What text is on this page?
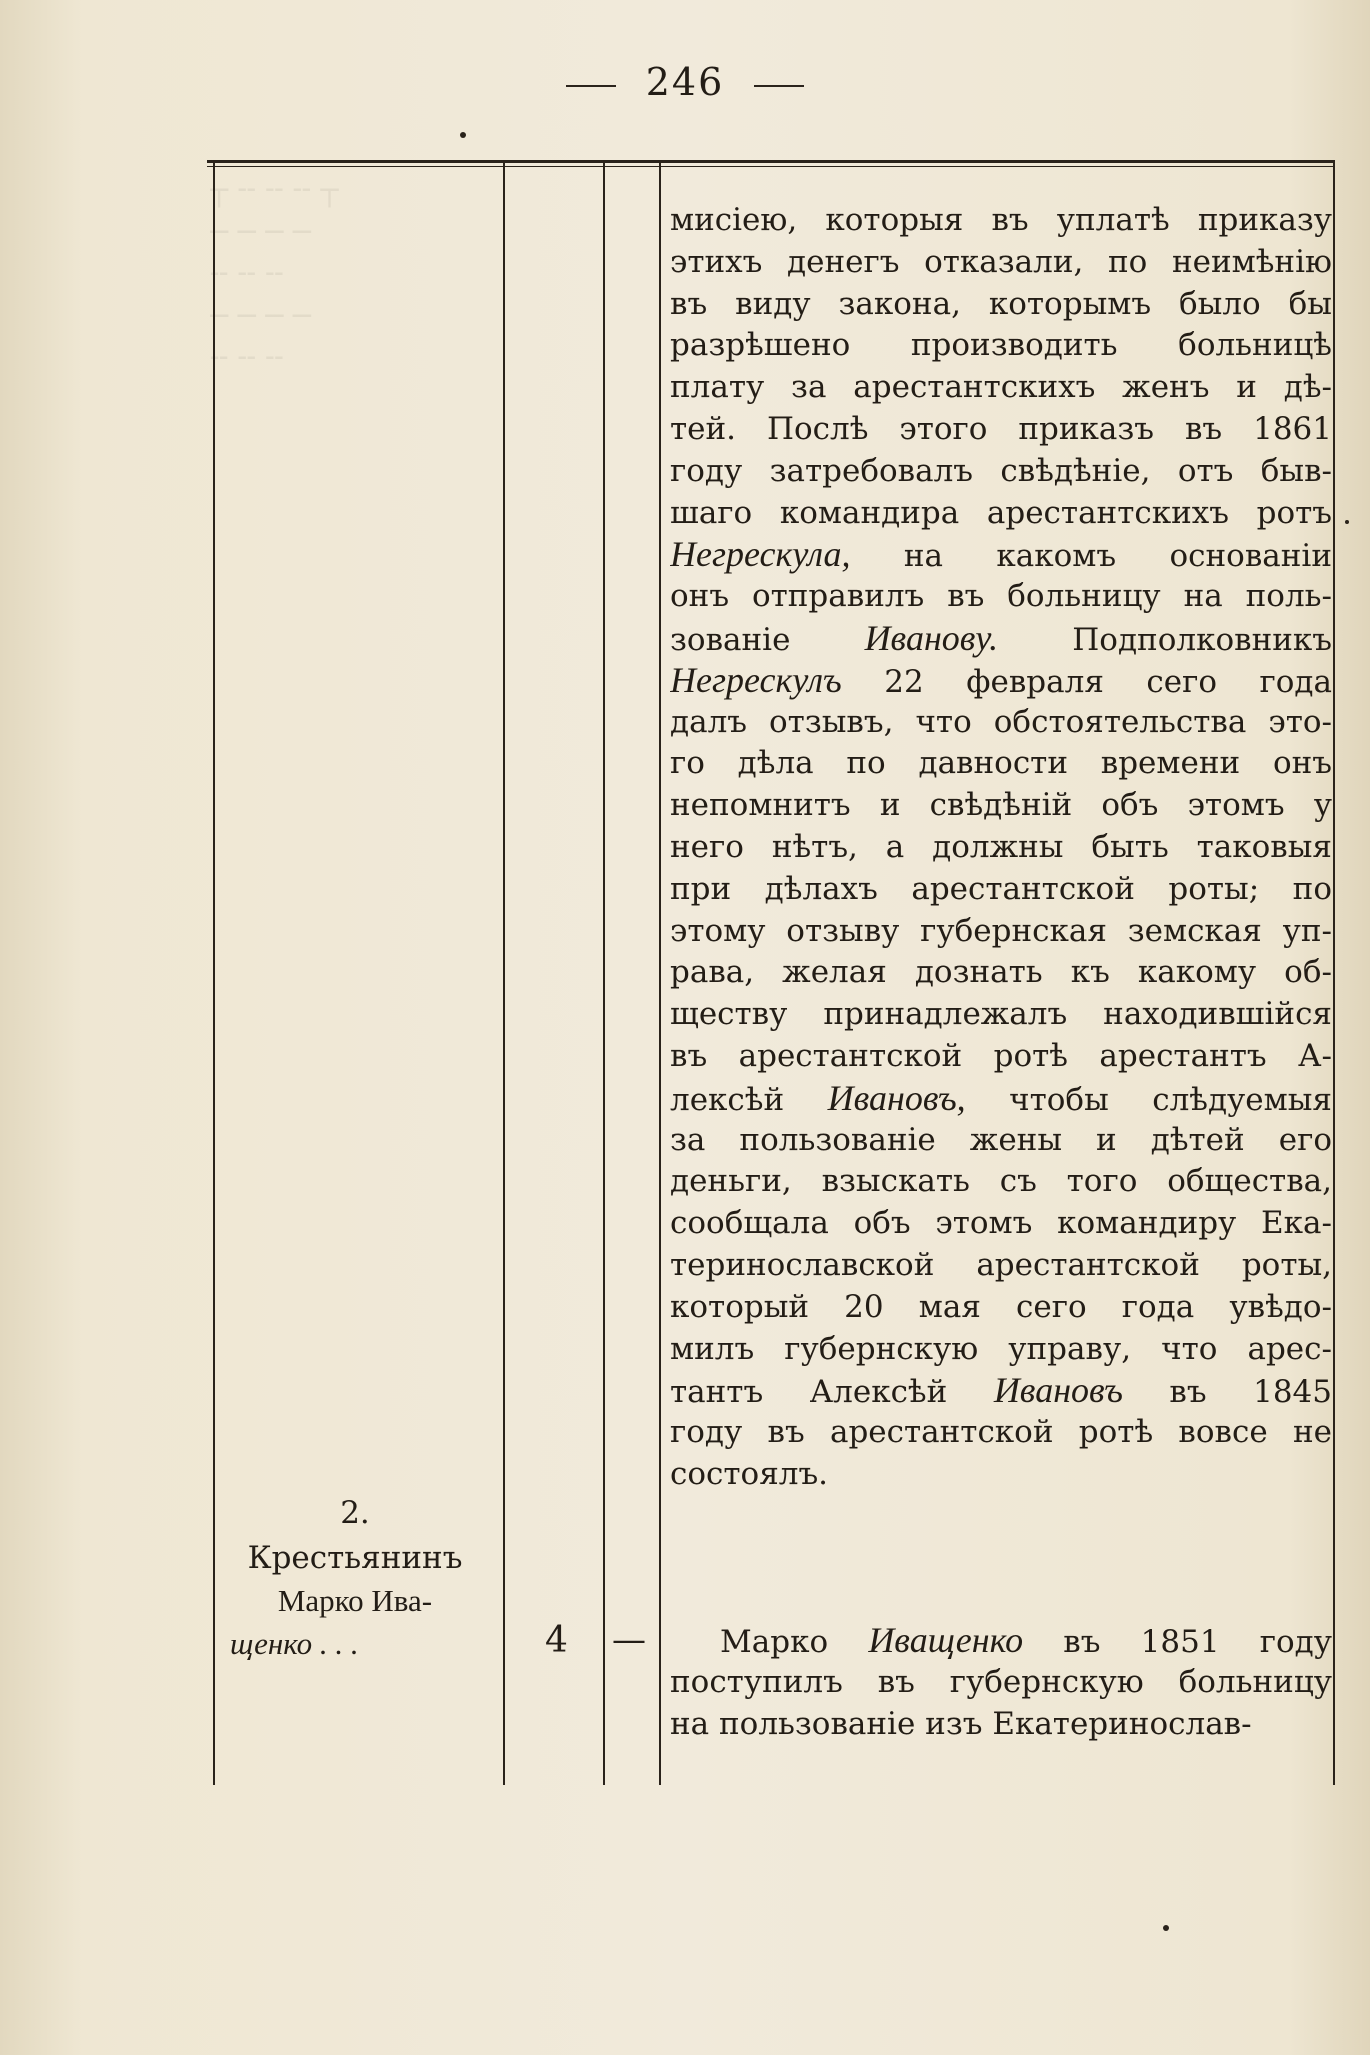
┬ ╌ ╌ ╌ ┬
─ ─ ─ ─
╌ ╌ ╌
─ ─ ─ ─
╌ ╌ ╌
246
мисiею, которыя въ уплатѣ приказу
этихъ денегъ отказали, по неимѣнiю
въ виду закона, которымъ было бы
разрѣшено производить больницѣ
плату за арестантскихъ женъ и дѣ-
тей. Послѣ этого приказъ въ 1861
году затребовалъ свѣдѣнiе, отъ быв-
шаго командира арестантскихъ ротъ
Негрескула, на какомъ основанiи
онъ отправилъ въ больницу на поль-
зованiе Иванову. Подполковникъ
Негрескулъ 22 февраля сего года
далъ отзывъ, что обстоятельства это-
го дѣла по давности времени онъ
непомнитъ и свѣдѣнiй объ этомъ у
него нѣтъ, а должны быть таковыя
при дѣлахъ арестантской роты; по
этому отзыву губернская земская уп-
рава, желая дознать къ какому об-
ществу принадлежалъ находившiйся
въ арестантской ротѣ арестантъ А-
лексѣй Ивановъ, чтобы слѣдуемыя
за пользованiе жены и дѣтей его
деньги, взыскать съ того общества,
сообщала объ этомъ командиру Ека-
теринославской арестантской роты,
который 20 мая сего года увѣдо-
милъ губернскую управу, что арес-
тантъ Алексѣй Ивановъ въ 1845
году въ арестантской ротѣ вовсе не
состоялъ.
2.
Крестьянинъ
Марко Ива-
щенко . . .	4 —	Марко Иващенко въ 1851 году
поступилъ въ губернскую больницу
на пользованiе изъ Екатеринослав-
